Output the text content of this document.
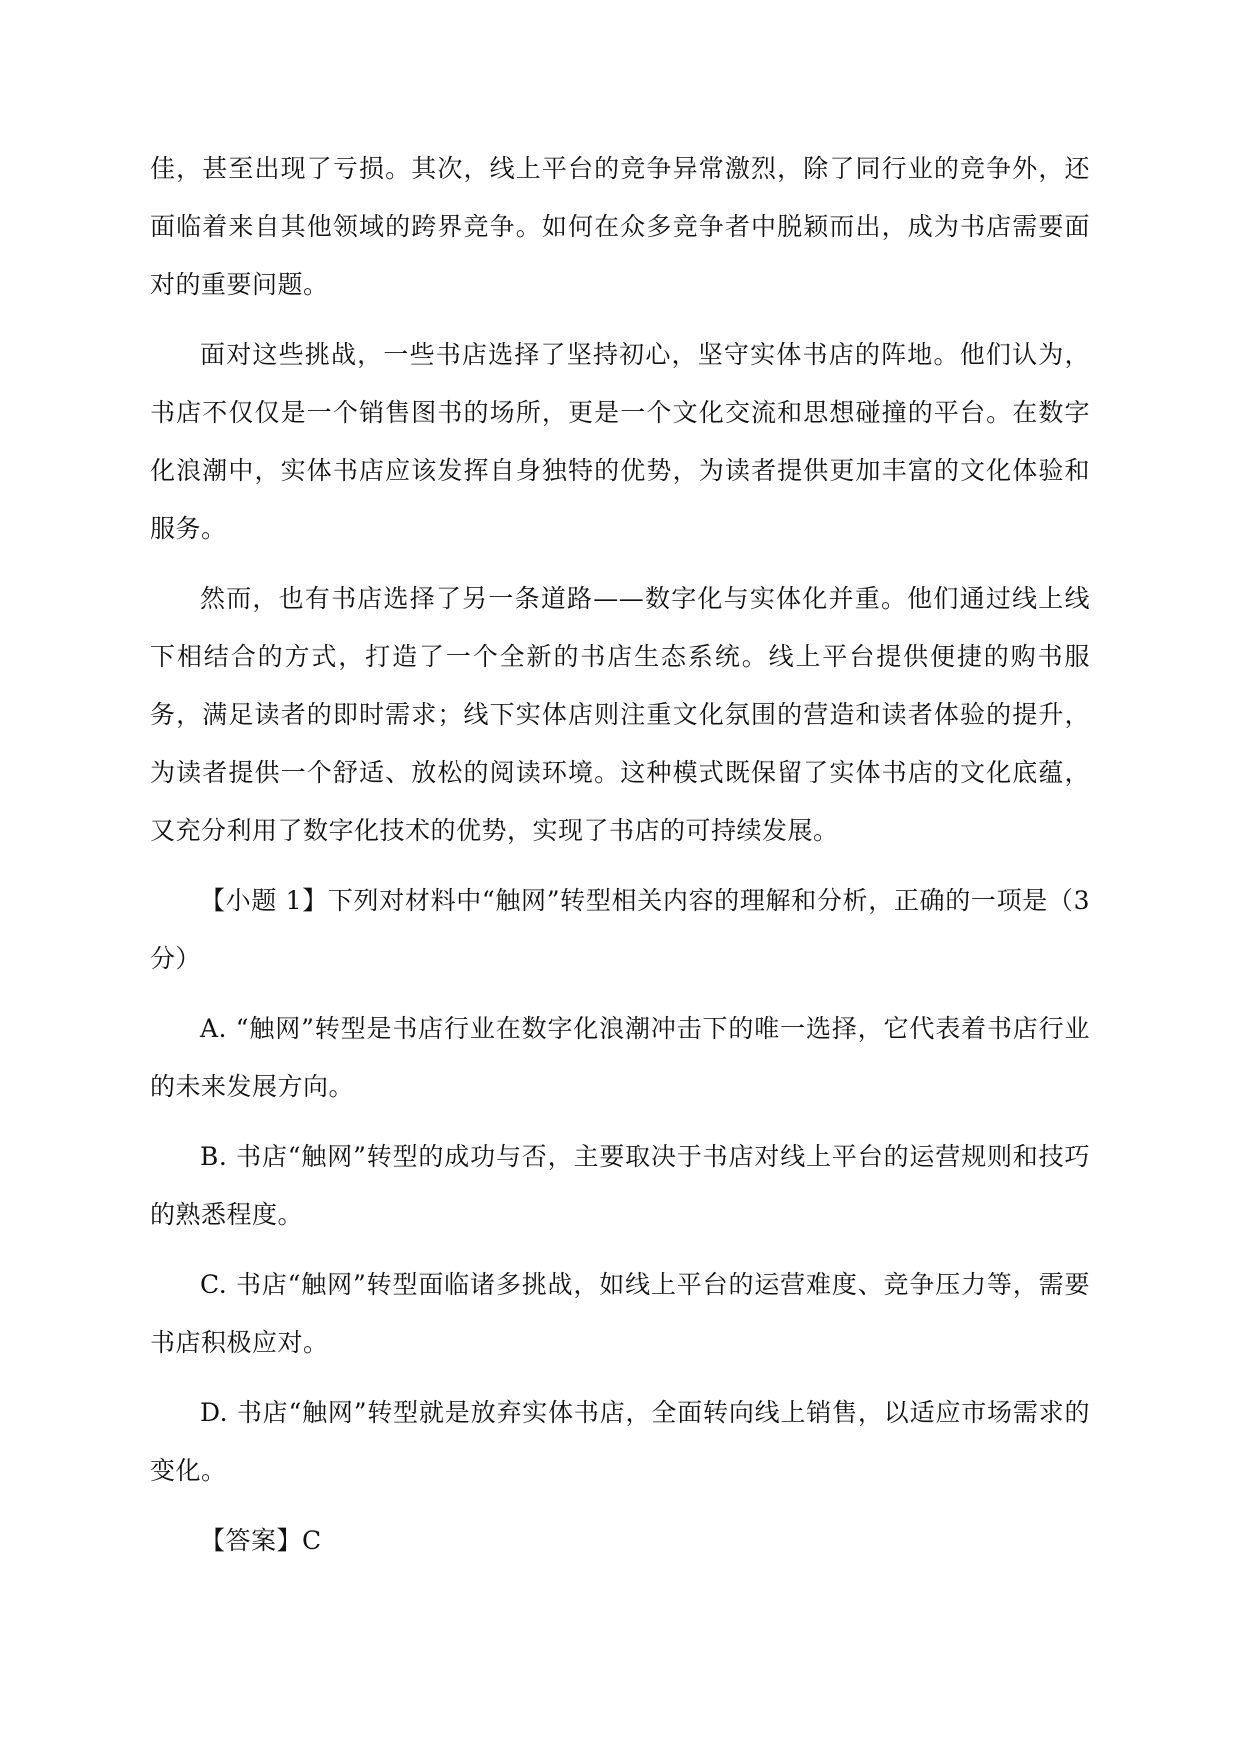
佳，甚至出现了亏损。其次，线上平台的竞争异常激烈，除了同行业的竞争外，还面临着来自其他领域的跨界竞争。如何在众多竞争者中脱颖而出，成为书店需要面对的重要问题。

面对这些挑战，一些书店选择了坚持初心，坚守实体书店的阵地。他们认为，书店不仅仅是一个销售图书的场所，更是一个文化交流和思想碰撞的平台。在数字化浪潮中，实体书店应该发挥自身独特的优势，为读者提供更加丰富的文化体验和服务。

然而，也有书店选择了另一条道路——数字化与实体化并重。他们通过线上线下相结合的方式，打造了一个全新的书店生态系统。线上平台提供便捷的购书服务，满足读者的即时需求；线下实体店则注重文化氛围的营造和读者体验的提升，为读者提供一个舒适、放松的阅读环境。这种模式既保留了实体书店的文化底蕴，又充分利用了数字化技术的优势，实现了书店的可持续发展。

【小题 1】下列对材料中“触网”转型相关内容的理解和分析，正确的一项是（3分）

A. “触网”转型是书店行业在数字化浪潮冲击下的唯一选择，它代表着书店行业的未来发展方向。

B. 书店“触网”转型的成功与否，主要取决于书店对线上平台的运营规则和技巧的熟悉程度。

C. 书店“触网”转型面临诸多挑战，如线上平台的运营难度、竞争压力等，需要书店积极应对。

D. 书店“触网”转型就是放弃实体书店，全面转向线上销售，以适应市场需求的变化。

【答案】C
